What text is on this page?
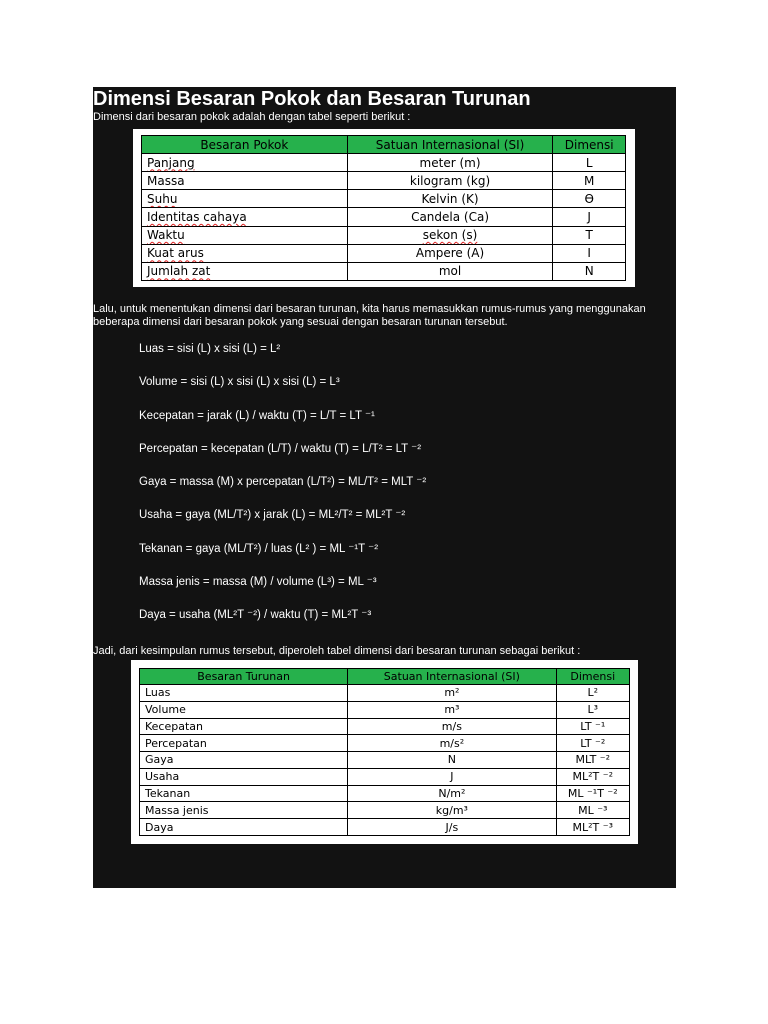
Dimensi Besaran Pokok dan Besaran Turunan
Dimensi dari besaran pokok adalah dengan tabel seperti berikut :
Besaran Pokok	Satuan Internasional (SI)	Dimensi
Panjang	meter (m)	L
Massa	kilogram (kg)	M
Suhu	Kelvin (K)	Ɵ
Identitas cahaya	Candela (Ca)	J
Waktu	sekon (s)	T
Kuat arus	Ampere (A)	I
Jumlah zat	mol	N
Lalu, untuk menentukan dimensi dari besaran turunan, kita harus memasukkan rumus-rumus yang menggunakan beberapa dimensi dari besaran pokok yang sesuai dengan besaran turunan tersebut.
Luas = sisi (L) x sisi (L) = L²
Volume = sisi (L) x sisi (L) x sisi (L) = L³
Kecepatan = jarak (L) / waktu (T) = L/T = LT ⁻¹
Percepatan = kecepatan (L/T) / waktu (T) = L/T² = LT ⁻²
Gaya = massa (M) x percepatan (L/T²) = ML/T² = MLT ⁻²
Usaha = gaya (ML/T²) x jarak (L) = ML²/T² = ML²T ⁻²
Tekanan = gaya (ML/T²) / luas (L² ) = ML ⁻¹T ⁻²
Massa jenis = massa (M) / volume (L³) = ML ⁻³
Daya = usaha (ML²T ⁻²) / waktu (T) = ML²T ⁻³
Jadi, dari kesimpulan rumus tersebut, diperoleh tabel dimensi dari besaran turunan sebagai berikut :
Besaran Turunan	Satuan Internasional (SI)	Dimensi
Luas	m²	L²
Volume	m³	L³
Kecepatan	m/s	LT ⁻¹
Percepatan	m/s²	LT ⁻²
Gaya	N	MLT ⁻²
Usaha	J	ML²T ⁻²
Tekanan	N/m²	ML ⁻¹T ⁻²
Massa jenis	kg/m³	ML ⁻³
Daya	J/s	ML²T ⁻³
